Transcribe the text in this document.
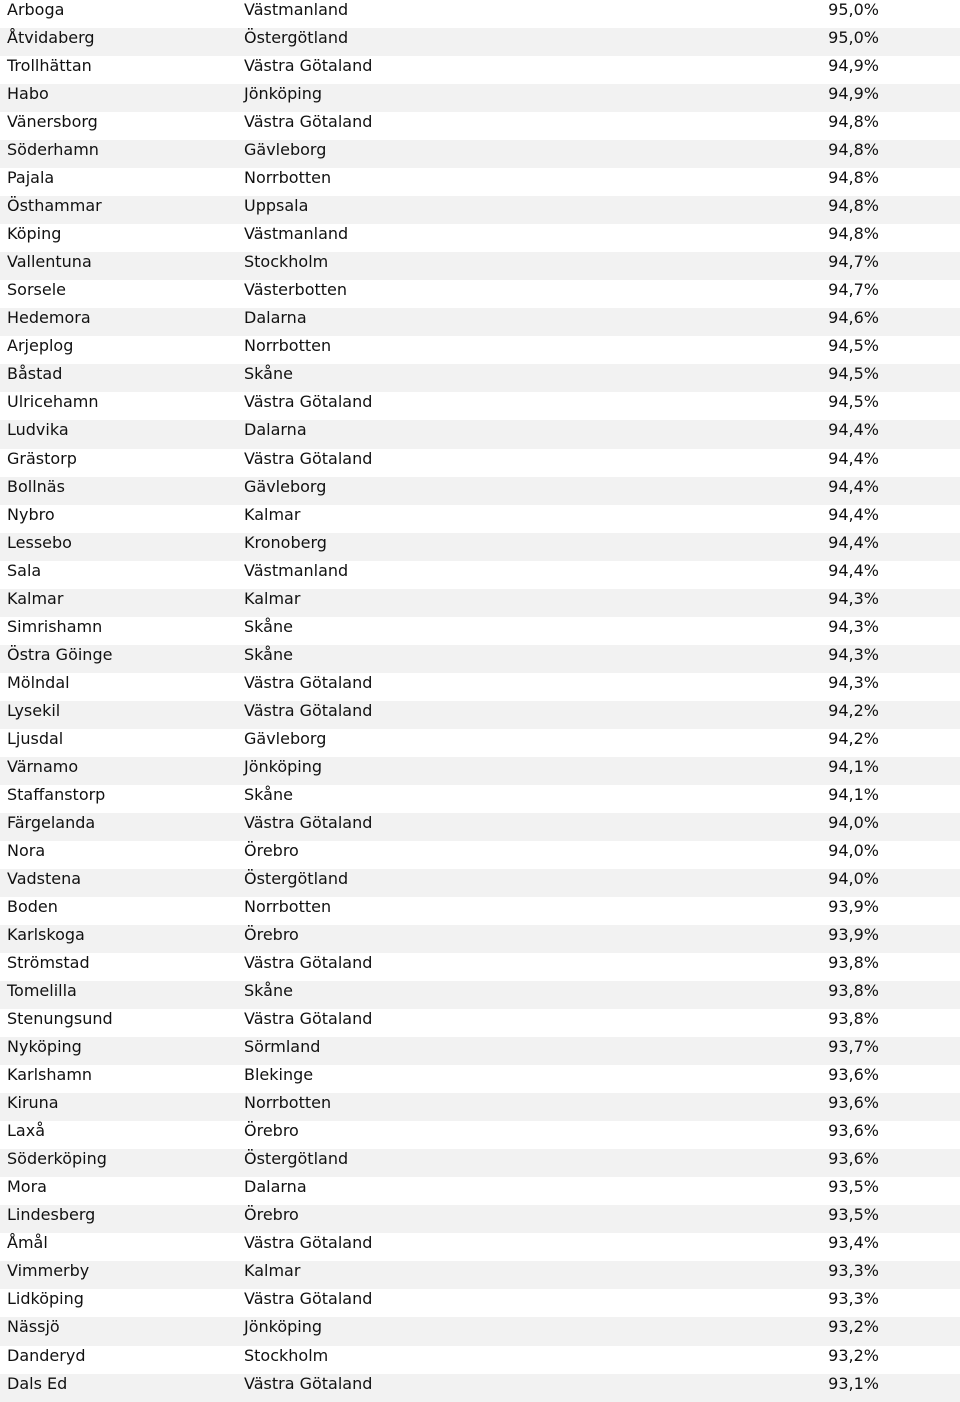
Arboga	Västmanland	95,0%
Åtvidaberg	Östergötland	95,0%
Trollhättan	Västra Götaland	94,9%
Habo	Jönköping	94,9%
Vänersborg	Västra Götaland	94,8%
Söderhamn	Gävleborg	94,8%
Pajala	Norrbotten	94,8%
Östhammar	Uppsala	94,8%
Köping	Västmanland	94,8%
Vallentuna	Stockholm	94,7%
Sorsele	Västerbotten	94,7%
Hedemora	Dalarna	94,6%
Arjeplog	Norrbotten	94,5%
Båstad	Skåne	94,5%
Ulricehamn	Västra Götaland	94,5%
Ludvika	Dalarna	94,4%
Grästorp	Västra Götaland	94,4%
Bollnäs	Gävleborg	94,4%
Nybro	Kalmar	94,4%
Lessebo	Kronoberg	94,4%
Sala	Västmanland	94,4%
Kalmar	Kalmar	94,3%
Simrishamn	Skåne	94,3%
Östra Göinge	Skåne	94,3%
Mölndal	Västra Götaland	94,3%
Lysekil	Västra Götaland	94,2%
Ljusdal	Gävleborg	94,2%
Värnamo	Jönköping	94,1%
Staffanstorp	Skåne	94,1%
Färgelanda	Västra Götaland	94,0%
Nora	Örebro	94,0%
Vadstena	Östergötland	94,0%
Boden	Norrbotten	93,9%
Karlskoga	Örebro	93,9%
Strömstad	Västra Götaland	93,8%
Tomelilla	Skåne	93,8%
Stenungsund	Västra Götaland	93,8%
Nyköping	Sörmland	93,7%
Karlshamn	Blekinge	93,6%
Kiruna	Norrbotten	93,6%
Laxå	Örebro	93,6%
Söderköping	Östergötland	93,6%
Mora	Dalarna	93,5%
Lindesberg	Örebro	93,5%
Åmål	Västra Götaland	93,4%
Vimmerby	Kalmar	93,3%
Lidköping	Västra Götaland	93,3%
Nässjö	Jönköping	93,2%
Danderyd	Stockholm	93,2%
Dals Ed	Västra Götaland	93,1%
